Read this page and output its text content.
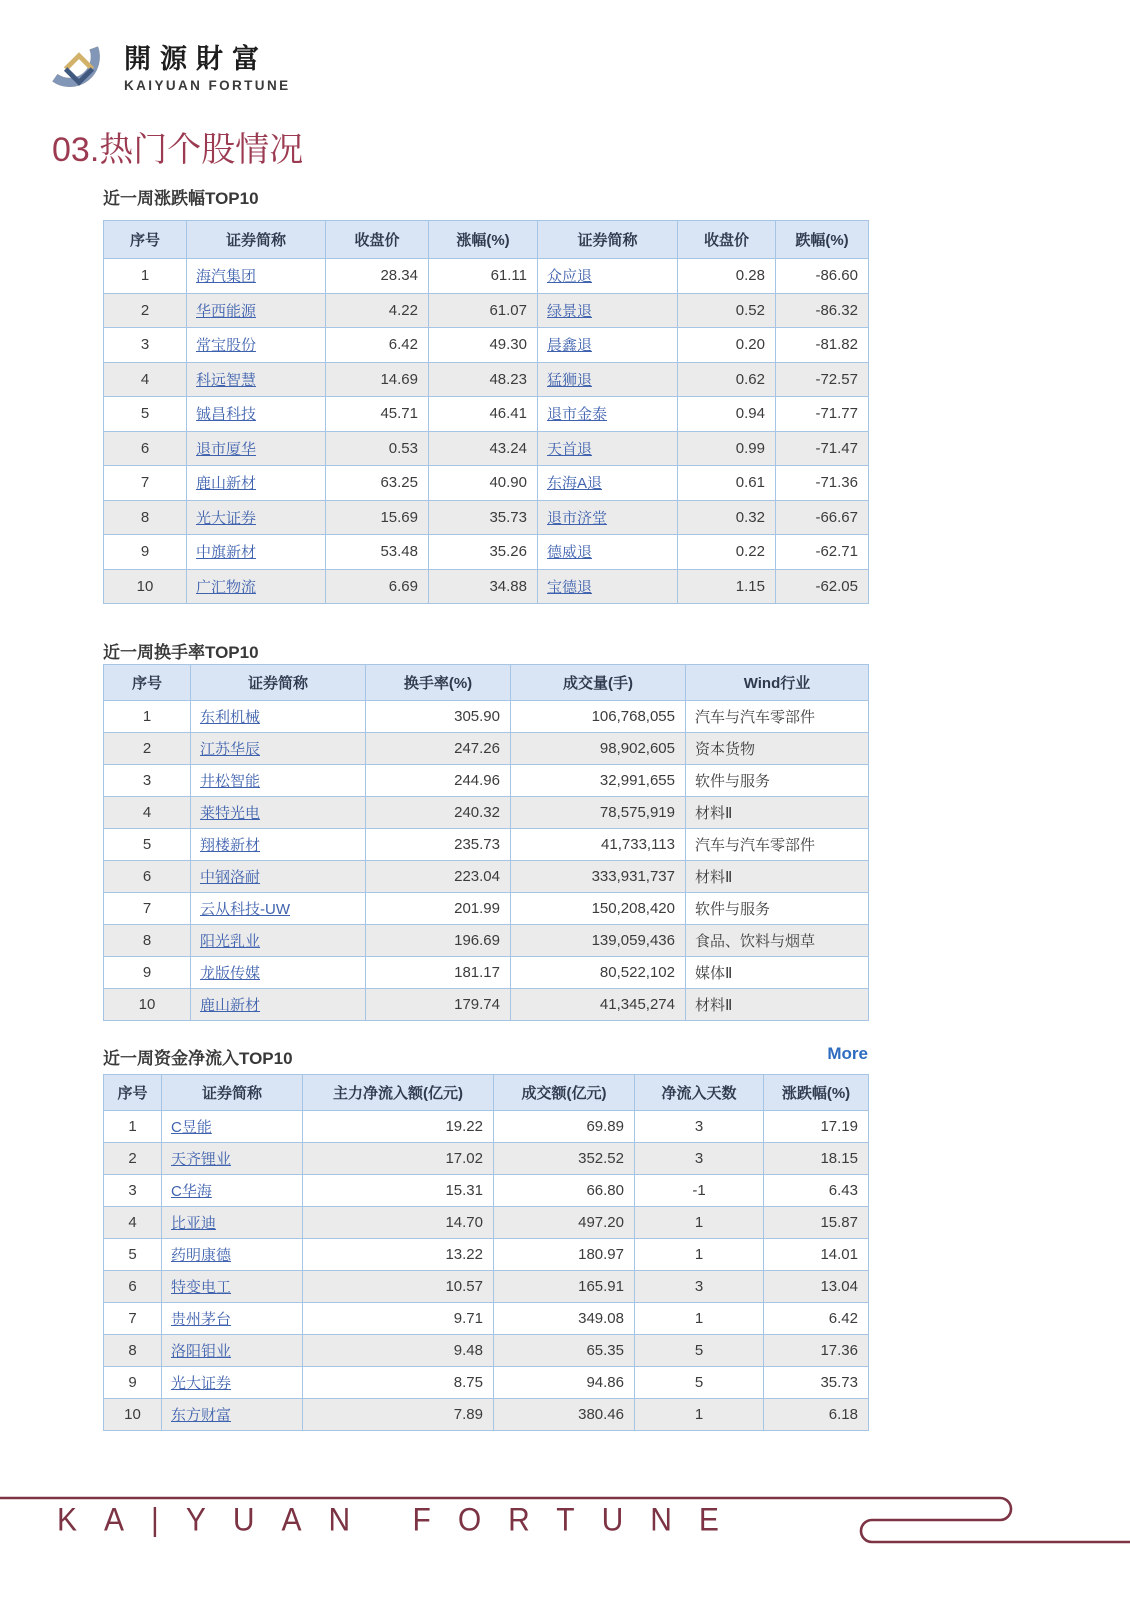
開源財富
KAIYUAN FORTUNE
03.热门个股情况
近一周涨跌幅TOP10
序号	证券简称	收盘价	涨幅(%)	证券简称	收盘价	跌幅(%)
1	海汽集团	28.34	61.11	众应退	0.28	-86.60
2	华西能源	4.22	61.07	绿景退	0.52	-86.32
3	常宝股份	6.42	49.30	晨鑫退	0.20	-81.82
4	科远智慧	14.69	48.23	猛狮退	0.62	-72.57
5	铖昌科技	45.71	46.41	退市金泰	0.94	-71.77
6	退市厦华	0.53	43.24	天首退	0.99	-71.47
7	鹿山新材	63.25	40.90	东海A退	0.61	-71.36
8	光大证券	15.69	35.73	退市济堂	0.32	-66.67
9	中旗新材	53.48	35.26	德威退	0.22	-62.71
10	广汇物流	6.69	34.88	宝德退	1.15	-62.05
近一周换手率TOP10
序号	证券简称	换手率(%)	成交量(手)	Wind行业
1	东利机械	305.90	106,768,055	汽车与汽车零部件
2	江苏华辰	247.26	98,902,605	资本货物
3	井松智能	244.96	32,991,655	软件与服务
4	莱特光电	240.32	78,575,919	材料Ⅱ
5	翔楼新材	235.73	41,733,113	汽车与汽车零部件
6	中钢洛耐	223.04	333,931,737	材料Ⅱ
7	云从科技-UW	201.99	150,208,420	软件与服务
8	阳光乳业	196.69	139,059,436	食品、饮料与烟草
9	龙版传媒	181.17	80,522,102	媒体Ⅱ
10	鹿山新材	179.74	41,345,274	材料Ⅱ
近一周资金净流入TOP10	More
序号	证券简称	主力净流入额(亿元)	成交额(亿元)	净流入天数	涨跌幅(%)
1	C昱能	19.22	69.89	3	17.19
2	天齐锂业	17.02	352.52	3	18.15
3	C华海	15.31	66.80	-1	6.43
4	比亚迪	14.70	497.20	1	15.87
5	药明康德	13.22	180.97	1	14.01
6	特变电工	10.57	165.91	3	13.04
7	贵州茅台	9.71	349.08	1	6.42
8	洛阳钼业	9.48	65.35	5	17.36
9	光大证券	8.75	94.86	5	35.73
10	东方财富	7.89	380.46	1	6.18
KA|YUAN FORTUNE
